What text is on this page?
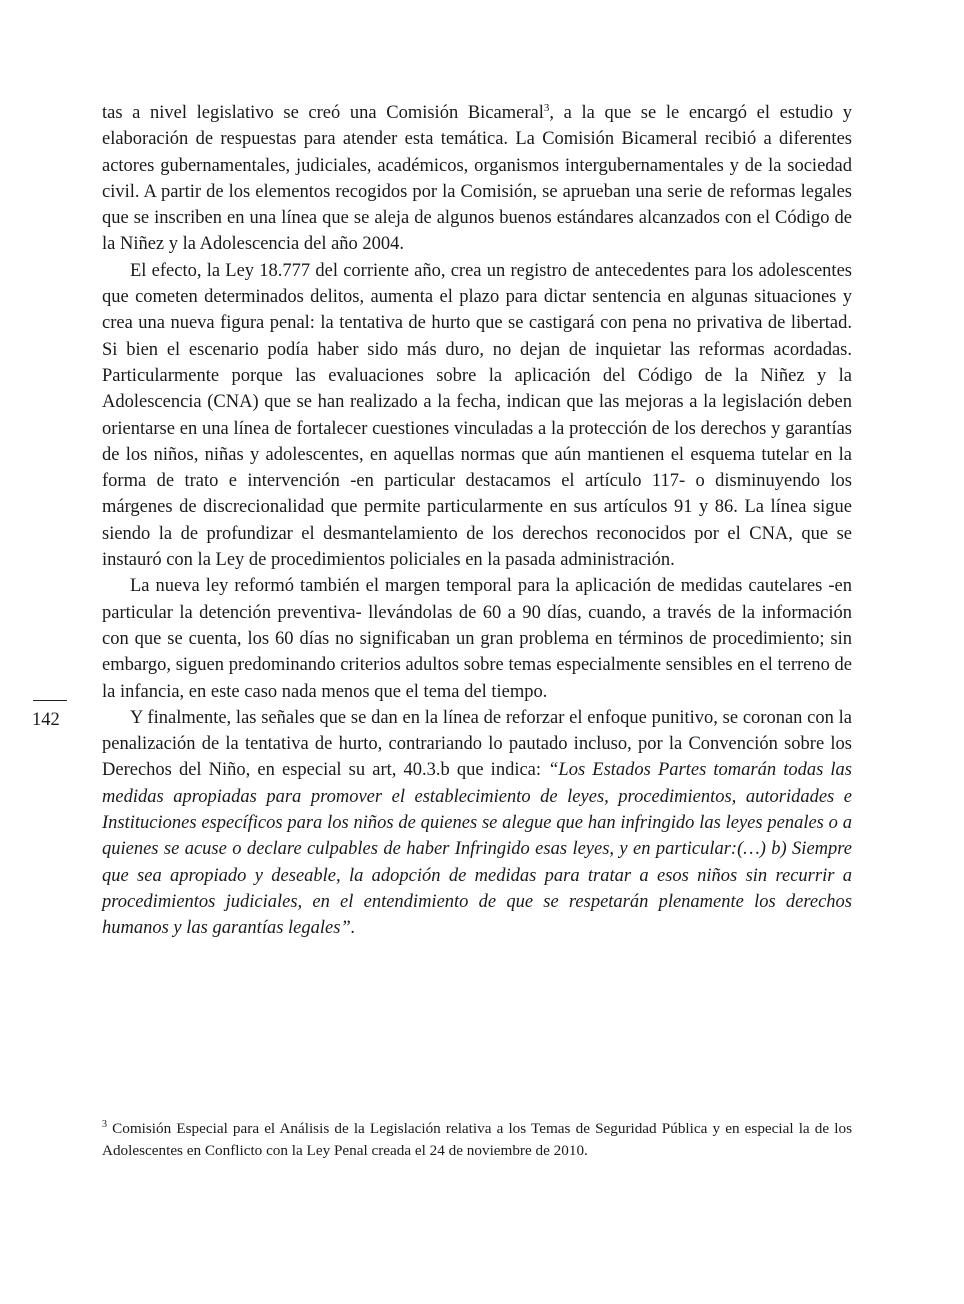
tas a nivel legislativo se creó una Comisión Bicameral$^3$, a la que se le encargó el estudio y elaboración de respuestas para atender esta temática. La Comisión Bicameral recibió a diferentes actores gubernamentales, judiciales, académicos, organismos intergubernamentales y de la sociedad civil. A partir de los elementos recogidos por la Comisión, se aprueban una serie de reformas legales que se inscriben en una línea que se aleja de algunos buenos estándares alcanzados con el Código de la Niñez y la Adolescencia del año 2004.

El efecto, la Ley 18.777 del corriente año, crea un registro de antecedentes para los adolescentes que cometen determinados delitos, aumenta el plazo para dictar sentencia en algunas situaciones y crea una nueva figura penal: la tentativa de hurto que se castigará con pena no privativa de libertad. Si bien el escenario podía haber sido más duro, no dejan de inquietar las reformas acordadas. Particularmente porque las evaluaciones sobre la aplicación del Código de la Niñez y la Adolescencia (CNA) que se han realizado a la fecha, indican que las mejoras a la legislación deben orientarse en una línea de fortalecer cuestiones vinculadas a la protección de los derechos y garantías de los niños, niñas y adolescentes, en aquellas normas que aún mantienen el esquema tutelar en la forma de trato e intervención -en particular destacamos el artículo 117- o disminuyendo los márgenes de discrecionalidad que permite particularmente en sus artículos 91 y 86. La línea sigue siendo la de profundizar el desmantelamiento de los derechos reconocidos por el CNA, que se instauró con la Ley de procedimientos policiales en la pasada administración.

La nueva ley reformó también el margen temporal para la aplicación de medidas cautelares -en particular la detención preventiva- llevándolas de 60 a 90 días, cuando, a través de la información con que se cuenta, los 60 días no significaban un gran problema en términos de procedimiento; sin embargo, siguen predominando criterios adultos sobre temas especialmente sensibles en el terreno de la infancia, en este caso nada menos que el tema del tiempo.

Y finalmente, las señales que se dan en la línea de reforzar el enfoque punitivo, se coronan con la penalización de la tentativa de hurto, contrariando lo pautado incluso, por la Convención sobre los Derechos del Niño, en especial su art, 40.3.b que indica: “Los Estados Partes tomarán todas las medidas apropiadas para promover el establecimiento de leyes, procedimientos, autoridades e Instituciones específicos para los niños de quienes se alegue que han infringido las leyes penales o a quienes se acuse o declare culpables de haber Infringido esas leyes, y en particular:(…) b) Siempre que sea apropiado y deseable, la adopción de medidas para tratar a esos niños sin recurrir a procedimientos judiciales, en el entendimiento de que se respetarán plenamente los derechos humanos y las garantías legales”.

142

$^3$ Comisión Especial para el Análisis de la Legislación relativa a los Temas de Seguridad Pública y en especial la de los Adolescentes en Conflicto con la Ley Penal creada el 24 de noviembre de 2010.
